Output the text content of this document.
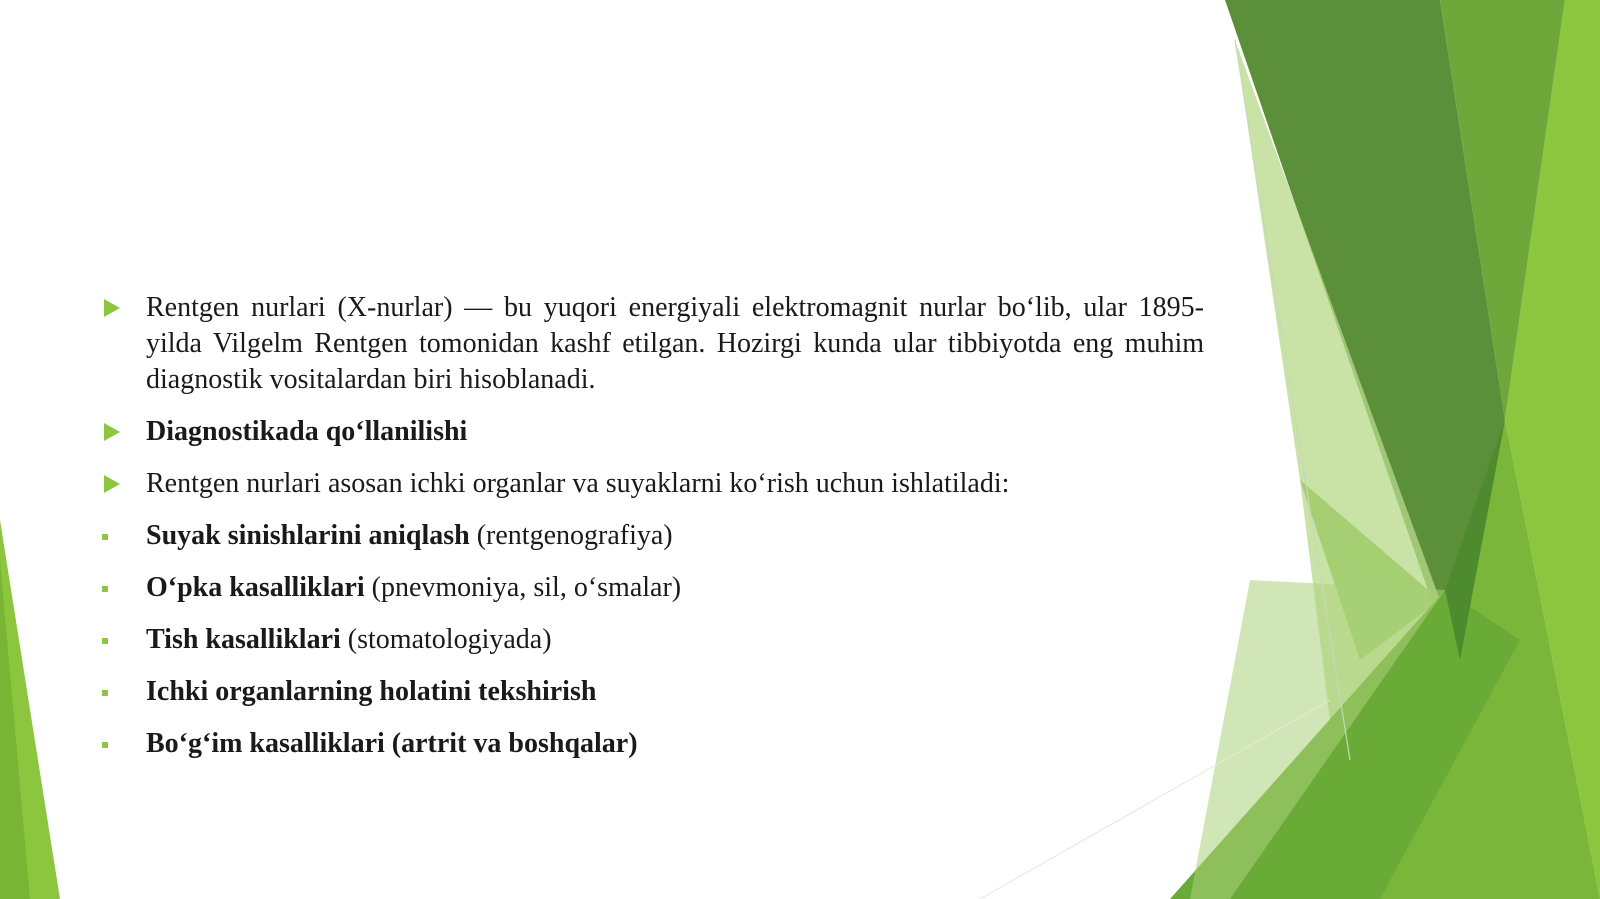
Rentgen nurlari (X-nurlar) — bu yuqori energiyali elektromagnit nurlar bo‘lib, ular 1895-yilda Vilgelm Rentgen tomonidan kashf etilgan. Hozirgi kunda ular tibbiyotda eng muhim diagnostik vositalardan biri hisoblanadi.
Diagnostikada qo‘llanilishi
Rentgen nurlari asosan ichki organlar va suyaklarni ko‘rish uchun ishlatiladi:
Suyak sinishlarini aniqlash (rentgenografiya)
O‘pka kasalliklari (pnevmoniya, sil, o‘smalar)
Tish kasalliklari (stomatologiyada)
Ichki organlarning holatini tekshirish
Bo‘g‘im kasalliklari (artrit va boshqalar)
